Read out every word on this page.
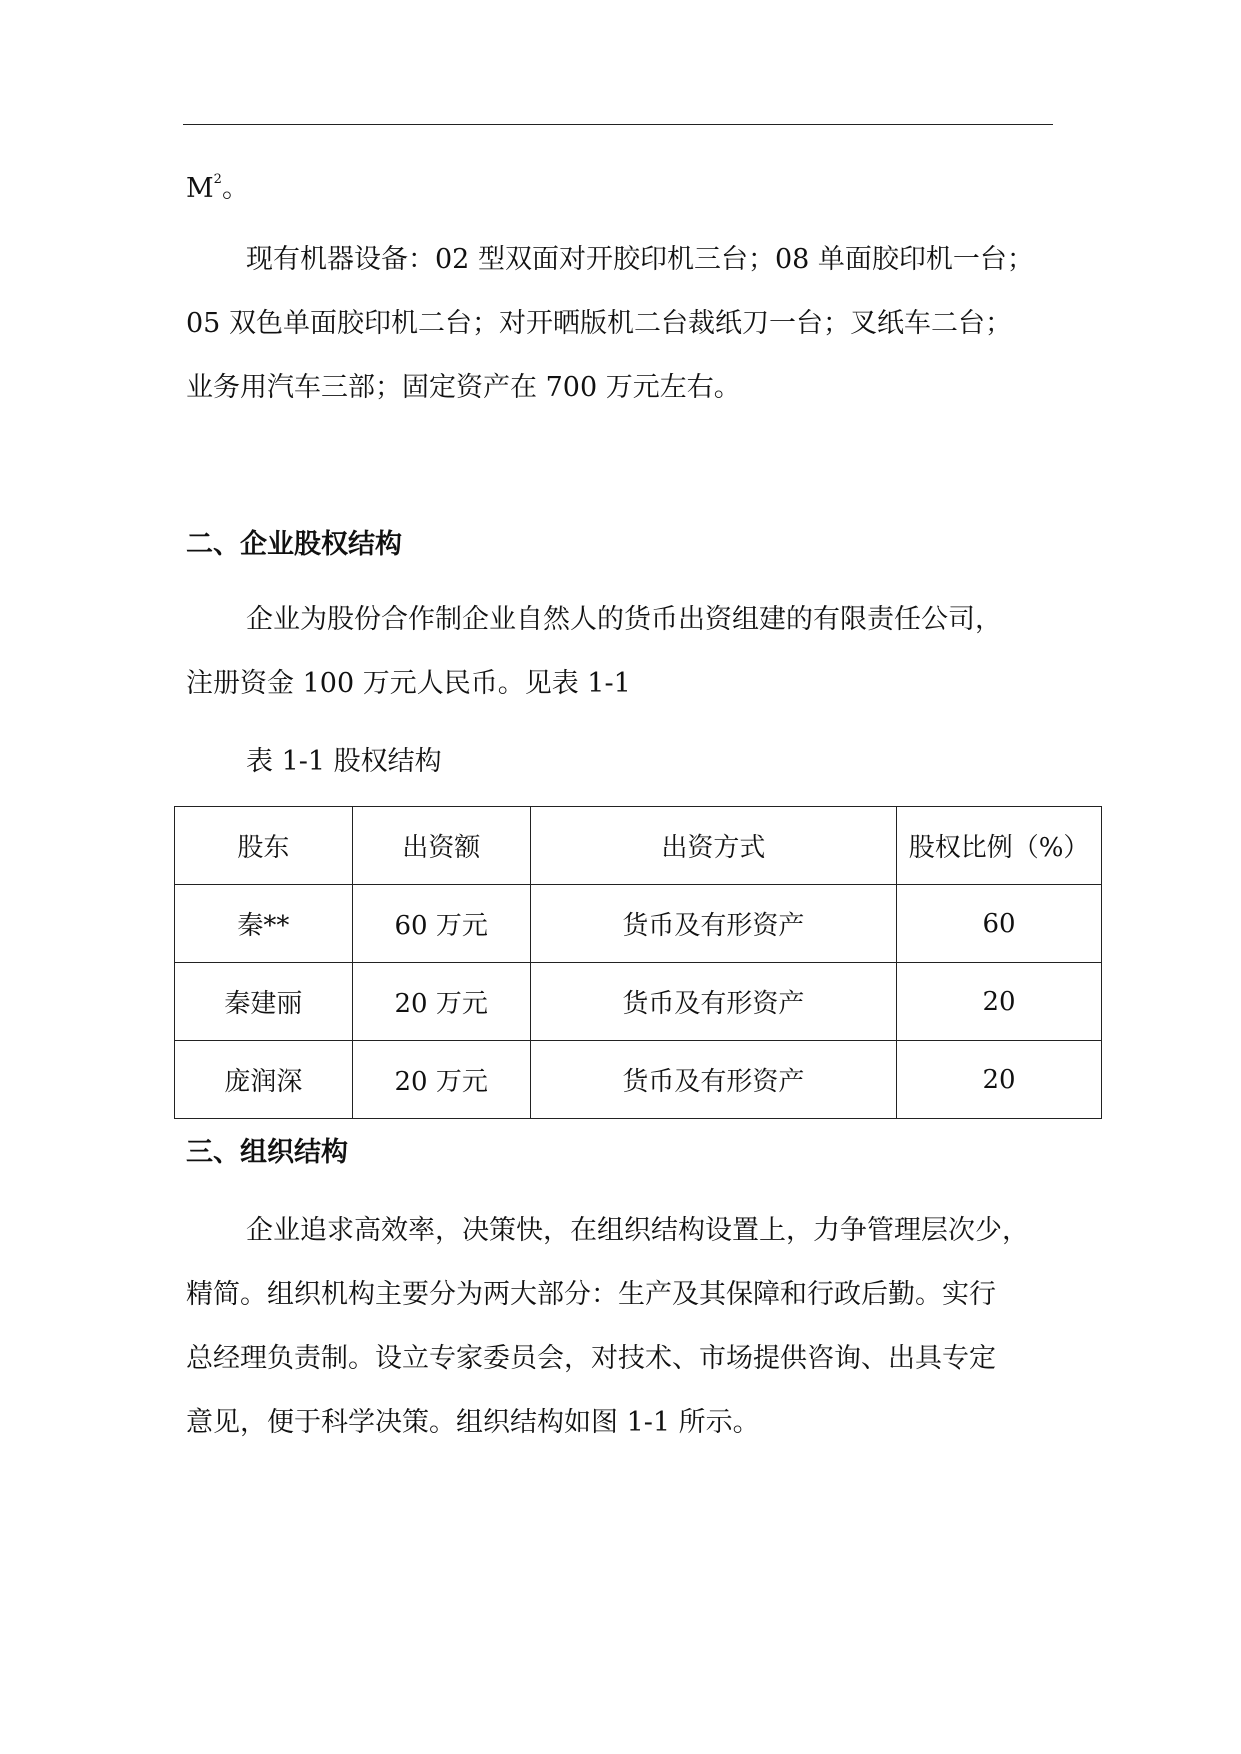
$M^2$。
现有机器设备：02 型双面对开胶印机三台；08 单面胶印机一台；
05 双色单面胶印机二台；对开晒版机二台裁纸刀一台；叉纸车二台；
业务用汽车三部；固定资产在 700 万元左右。
二、企业股权结构
企业为股份合作制企业自然人的货币出资组建的有限责任公司，
注册资金 100 万元人民币。见表 1-1
表 1-1 股权结构
股东	出资额	出资方式	股权比例（%）
秦**	60 万元	货币及有形资产	60
秦建丽	20 万元	货币及有形资产	20
庞润深	20 万元	货币及有形资产	20
三、组织结构
企业追求高效率，决策快，在组织结构设置上，力争管理层次少，
精简。组织机构主要分为两大部分：生产及其保障和行政后勤。实行
总经理负责制。设立专家委员会，对技术、市场提供咨询、出具专定
意见，便于科学决策。组织结构如图 1-1 所示。
